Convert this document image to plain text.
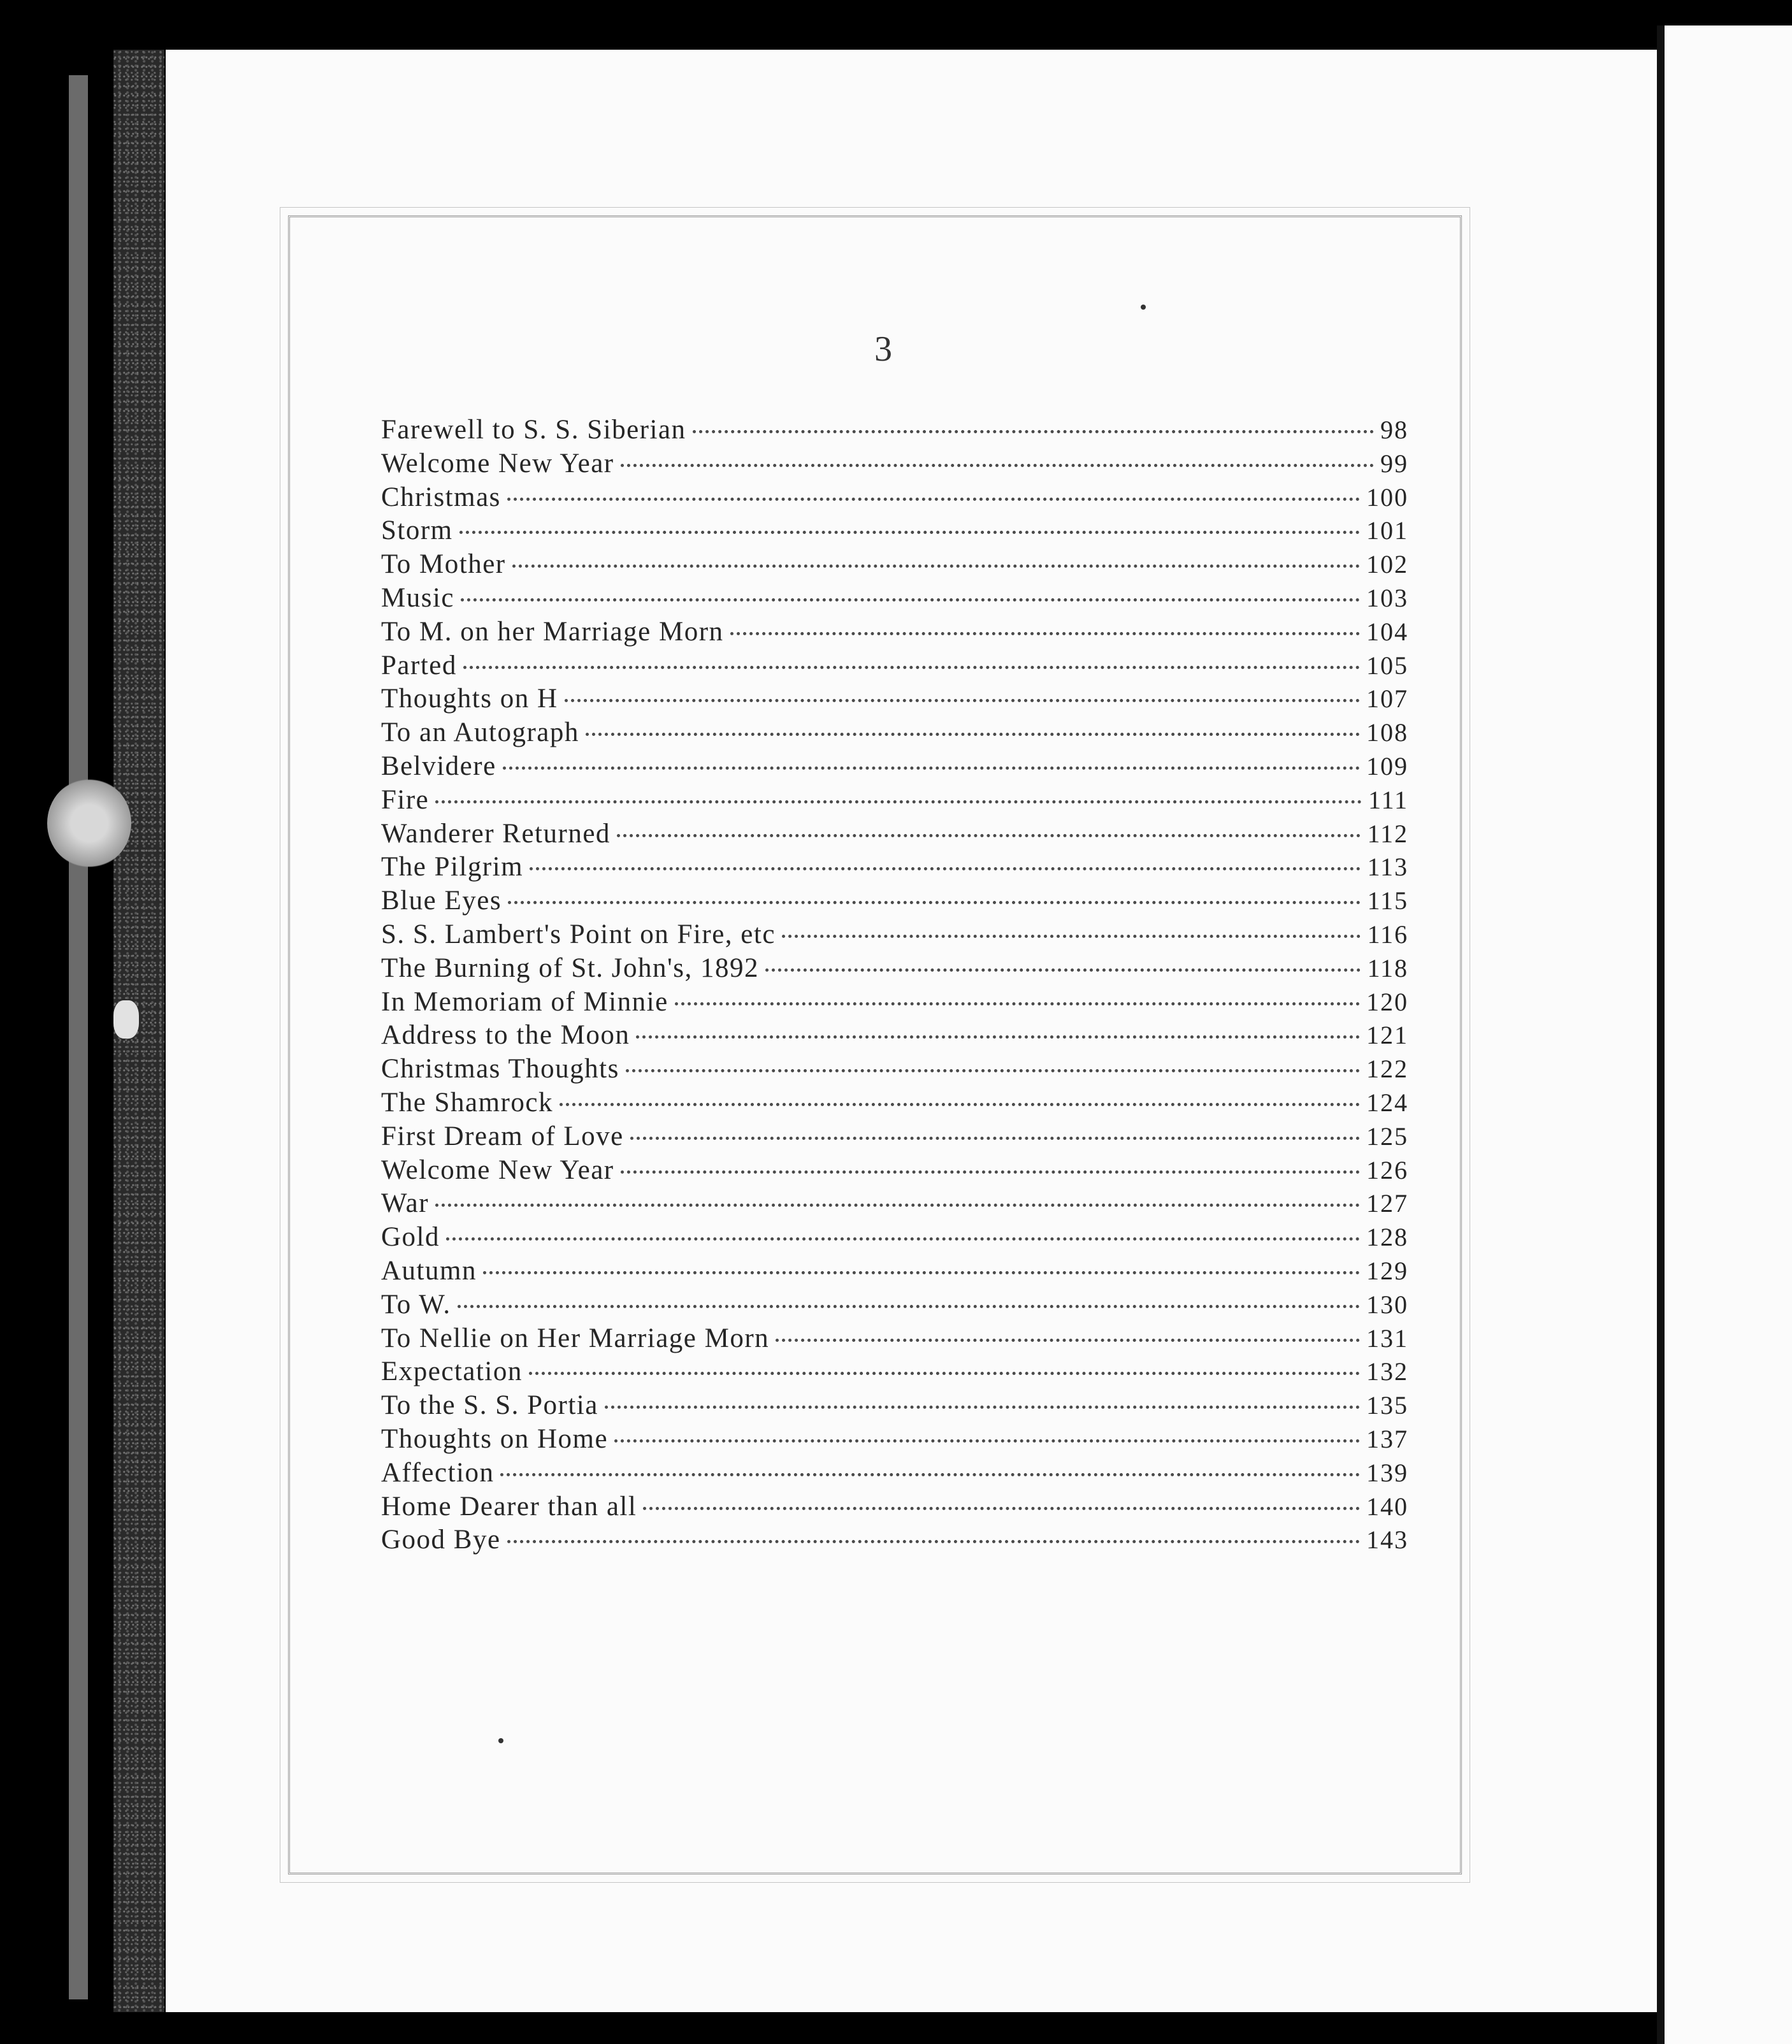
3
Farewell to S. S. Siberian	98
Welcome New Year	99
Christmas	100
Storm	101
To Mother	102
Music	103
To M. on her Marriage Morn	104
Parted	105
Thoughts on H	107
To an Autograph	108
Belvidere	109
Fire	111
Wanderer Returned	112
The Pilgrim	113
Blue Eyes	115
S. S. Lambert's Point on Fire, etc	116
The Burning of St. John's, 1892	118
In Memoriam of Minnie	120
Address to the Moon	121
Christmas Thoughts	122
The Shamrock	124
First Dream of Love	125
Welcome New Year	126
War	127
Gold	128
Autumn	129
To W.	130
To Nellie on Her Marriage Morn	131
Expectation	132
To the S. S. Portia	135
Thoughts on Home	137
Affection	139
Home Dearer than all	140
Good Bye	143
